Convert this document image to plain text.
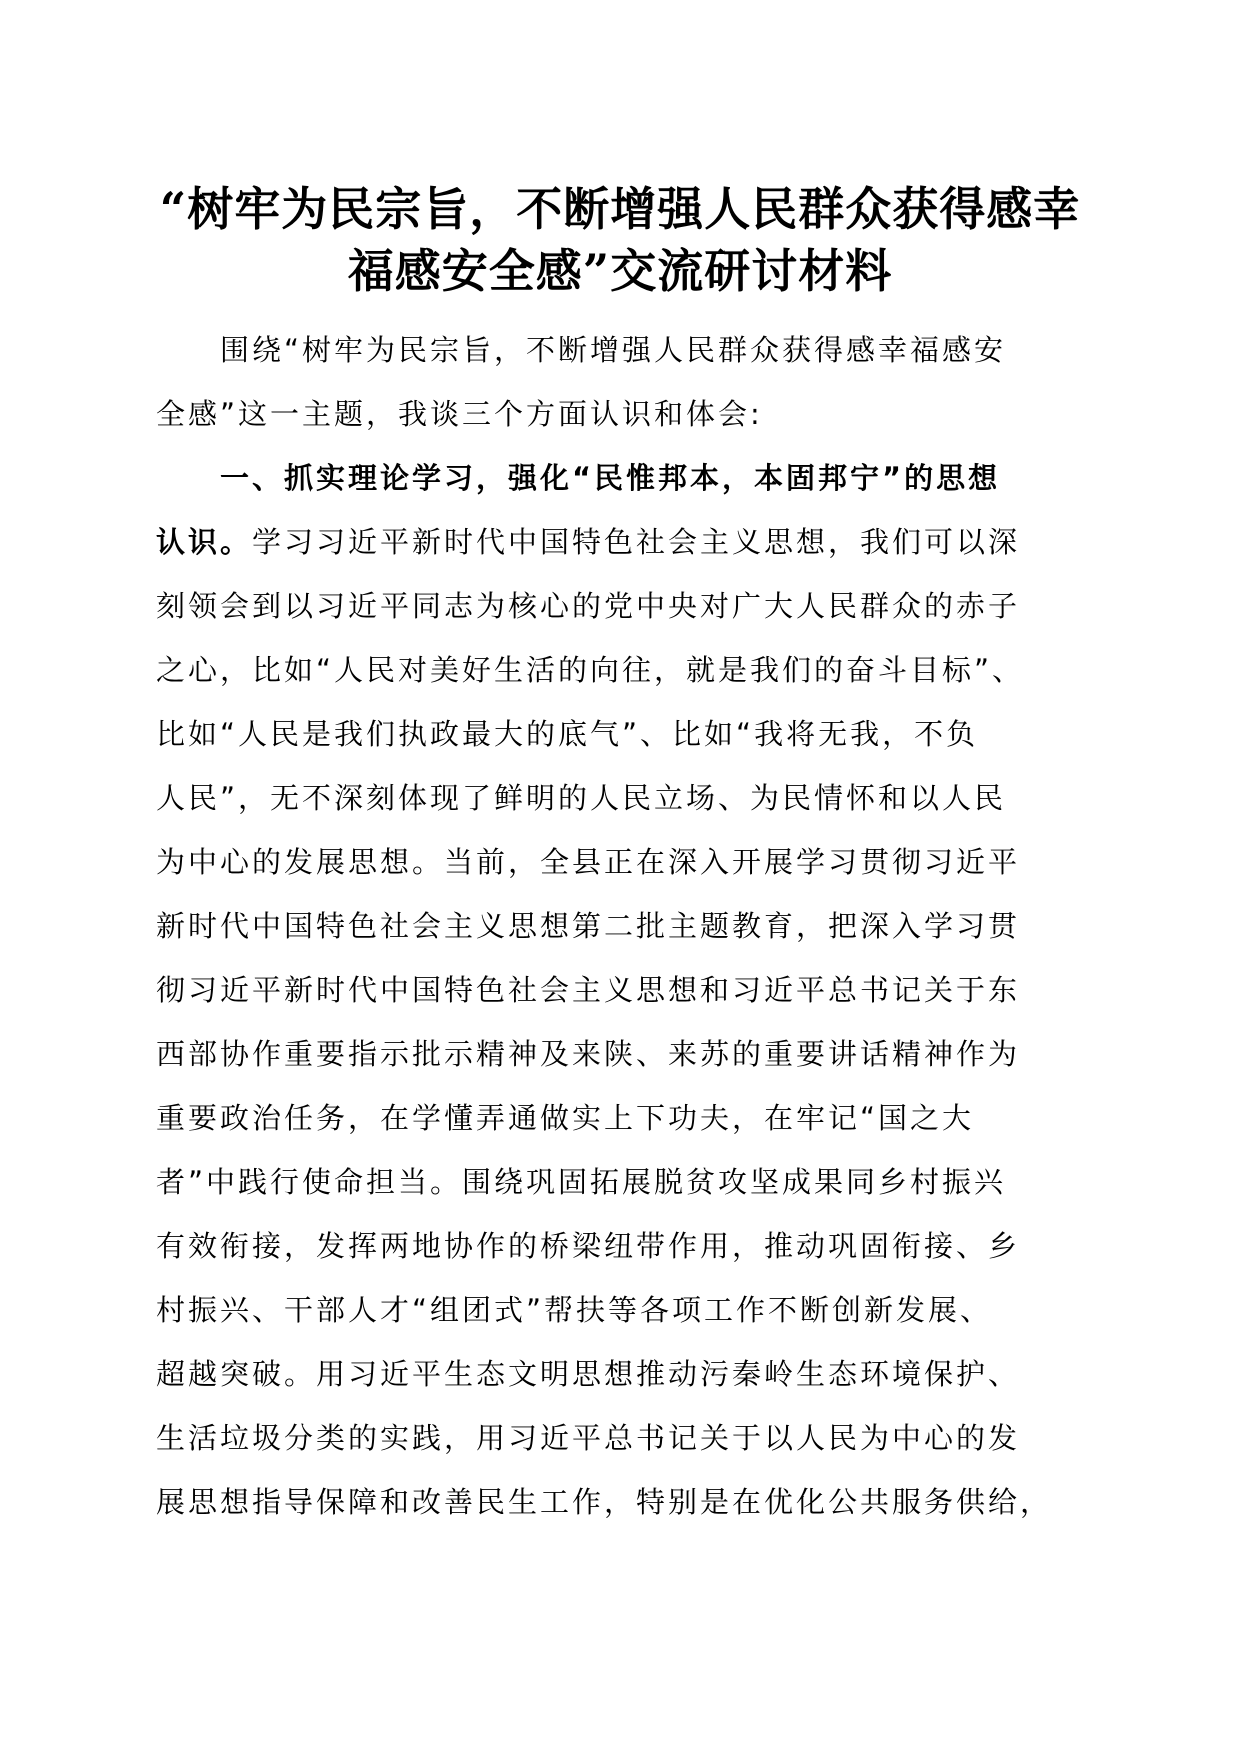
“树牢为民宗旨，不断增强人民群众获得感幸
福感安全感”交流研讨材料
围绕“树牢为民宗旨，不断增强人民群众获得感幸福感安
全感”这一主题，我谈三个方面认识和体会:
一、抓实理论学习，强化“民惟邦本，本固邦宁”的思想
认识。学习习近平新时代中国特色社会主义思想，我们可以深
刻领会到以习近平同志为核心的党中央对广大人民群众的赤子
之心，比如“人民对美好生活的向往，就是我们的奋斗目标”、
比如“人民是我们执政最大的底气”、比如“我将无我，不负
人民”，无不深刻体现了鲜明的人民立场、为民情怀和以人民
为中心的发展思想。当前，全县正在深入开展学习贯彻习近平
新时代中国特色社会主义思想第二批主题教育，把深入学习贯
彻习近平新时代中国特色社会主义思想和习近平总书记关于东
西部协作重要指示批示精神及来陕、来苏的重要讲话精神作为
重要政治任务，在学懂弄通做实上下功夫，在牢记“国之大
者”中践行使命担当。围绕巩固拓展脱贫攻坚成果同乡村振兴
有效衔接，发挥两地协作的桥梁纽带作用，推动巩固衔接、乡
村振兴、干部人才“组团式”帮扶等各项工作不断创新发展、
超越突破。用习近平生态文明思想推动污秦岭生态环境保护、
生活垃圾分类的实践，用习近平总书记关于以人民为中心的发
展思想指导保障和改善民生工作，特别是在优化公共服务供给，
